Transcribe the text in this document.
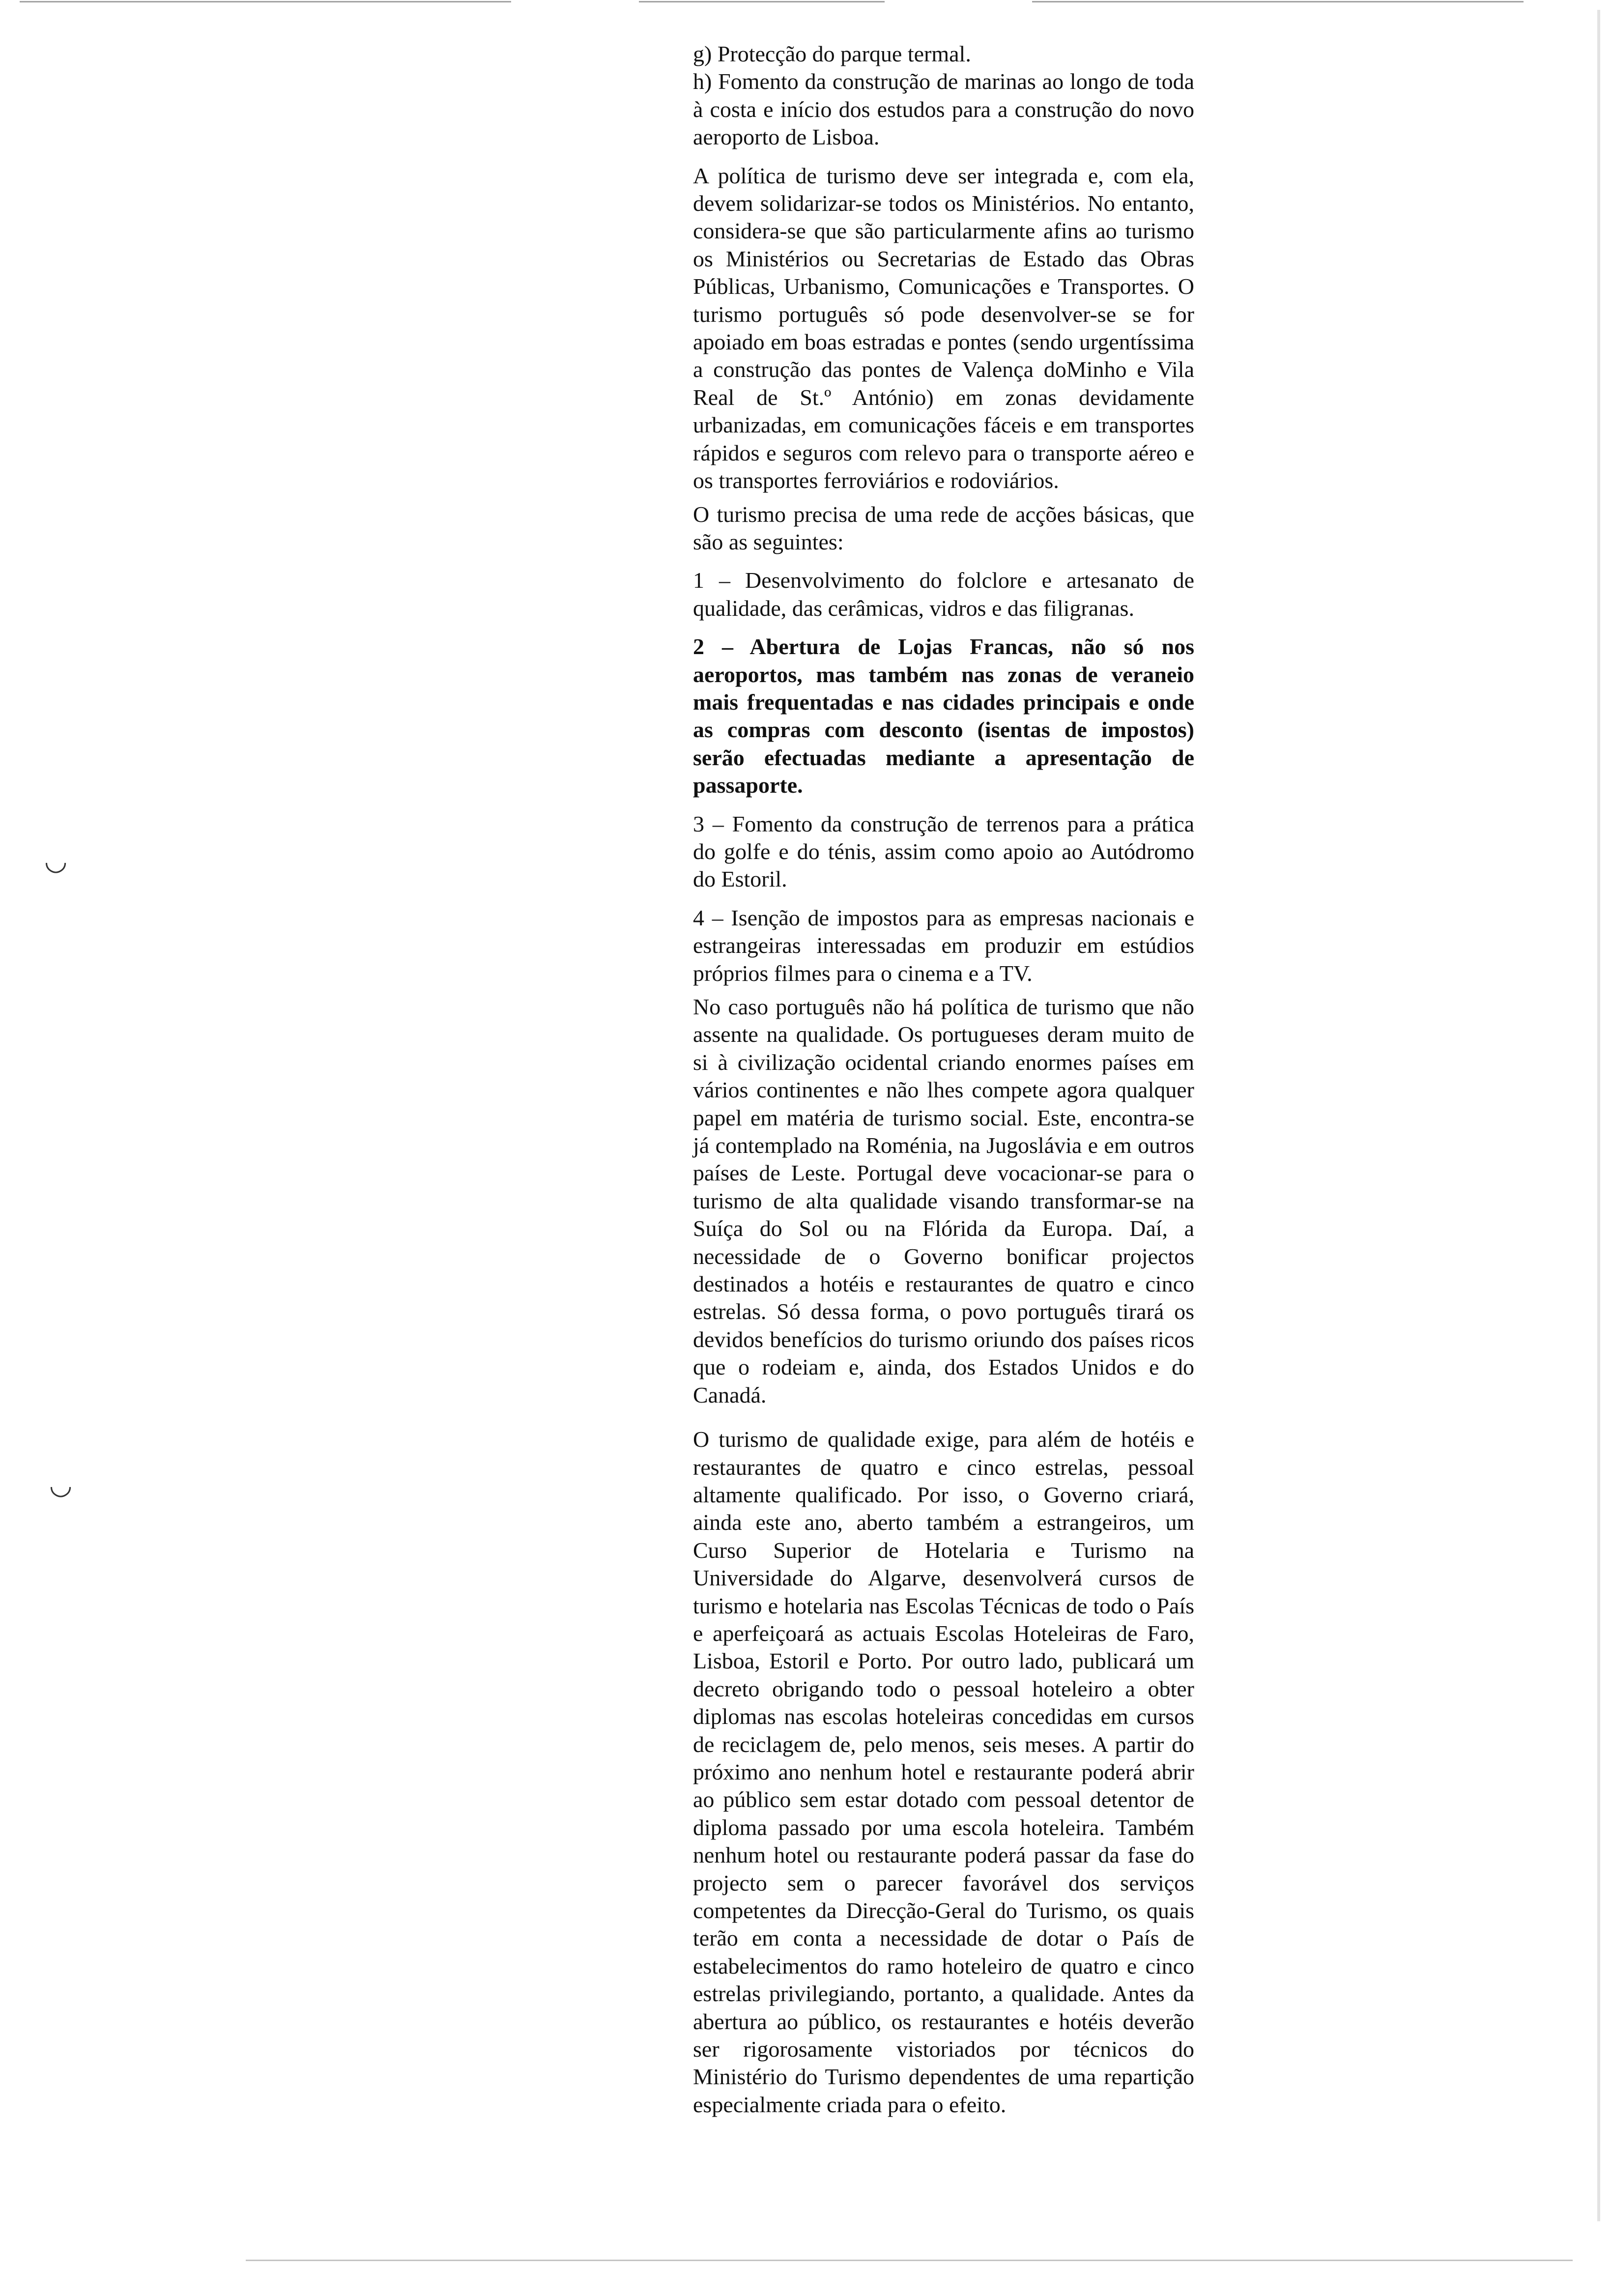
◡
◡

g) Protecção do parque termal.

h) Fomento da construção de marinas ao longo de toda à costa e início dos estudos para a construção do novo aeroporto de Lisboa.

A política de turismo deve ser integrada e, com ela, devem solidarizar-se todos os Ministérios. No entanto, considera-se que são particularmente afins ao turismo os Ministérios ou Secretarias de Estado das Obras Públicas, Urbanismo, Comunicações e Transportes. O turismo português só pode desenvolver-se se for apoiado em boas estradas e pontes (sendo urgentíssima a construção das pontes de Valença doMinho e Vila Real de St.º António) em zonas devidamente urbanizadas, em comunicações fáceis e em transportes rápidos e seguros com relevo para o transporte aéreo e os transportes ferroviários e rodoviários.

O turismo precisa de uma rede de acções básicas, que são as seguintes:

1 – Desenvolvimento do folclore e artesanato de qualidade, das cerâmicas, vidros e das filigranas.

2 – Abertura de Lojas Francas, não só nos aeroportos, mas também nas zonas de veraneio mais frequentadas e nas cidades principais e onde as compras com desconto (isentas de impostos) serão efectuadas mediante a apresentação de passaporte.

3 – Fomento da construção de terrenos para a prática do golfe e do ténis, assim como apoio ao Autódromo do Estoril.

4 – Isenção de impostos para as empresas nacionais e estrangeiras interessadas em produzir em estúdios próprios filmes para o cinema e a TV.

No caso português não há política de turismo que não assente na qualidade. Os portugueses deram muito de si à civilização ocidental criando enormes países em vários continentes e não lhes compete agora qualquer papel em matéria de turismo social. Este, encontra-se já contemplado na Roménia, na Jugoslávia e em outros países de Leste. Portugal deve vocacionar-se para o turismo de alta qualidade visando transformar-se na Suíça do Sol ou na Flórida da Europa. Daí, a necessidade de o Governo bonificar projectos destinados a hotéis e restaurantes de quatro e cinco estrelas. Só dessa forma, o povo português tirará os devidos benefícios do turismo oriundo dos países ricos que o rodeiam e, ainda, dos Estados Unidos e do Canadá.

O turismo de qualidade exige, para além de hotéis e restaurantes de quatro e cinco estrelas, pessoal altamente qualificado. Por isso, o Governo criará, ainda este ano, aberto também a estrangeiros, um Curso Superior de Hotelaria e Turismo na Universidade do Algarve, desenvolverá cursos de turismo e hotelaria nas Escolas Técnicas de todo o País e aperfeiçoará as actuais Escolas Hoteleiras de Faro, Lisboa, Estoril e Porto. Por outro lado, publicará um decreto obrigando todo o pessoal hoteleiro a obter diplomas nas escolas hoteleiras concedidas em cursos de reciclagem de, pelo menos, seis meses. A partir do próximo ano nenhum hotel e restaurante poderá abrir ao público sem estar dotado com pessoal detentor de diploma passado por uma escola hoteleira. Também nenhum hotel ou restaurante poderá passar da fase do projecto sem o parecer favorável dos serviços competentes da Direcção-Geral do Turismo, os quais terão em conta a necessidade de dotar o País de estabelecimentos do ramo hoteleiro de quatro e cinco estrelas privilegiando, portanto, a qualidade. Antes da abertura ao público, os restaurantes e hotéis deverão ser rigorosamente vistoriados por técnicos do Ministério do Turismo dependentes de uma repartição especialmente criada para o efeito.
